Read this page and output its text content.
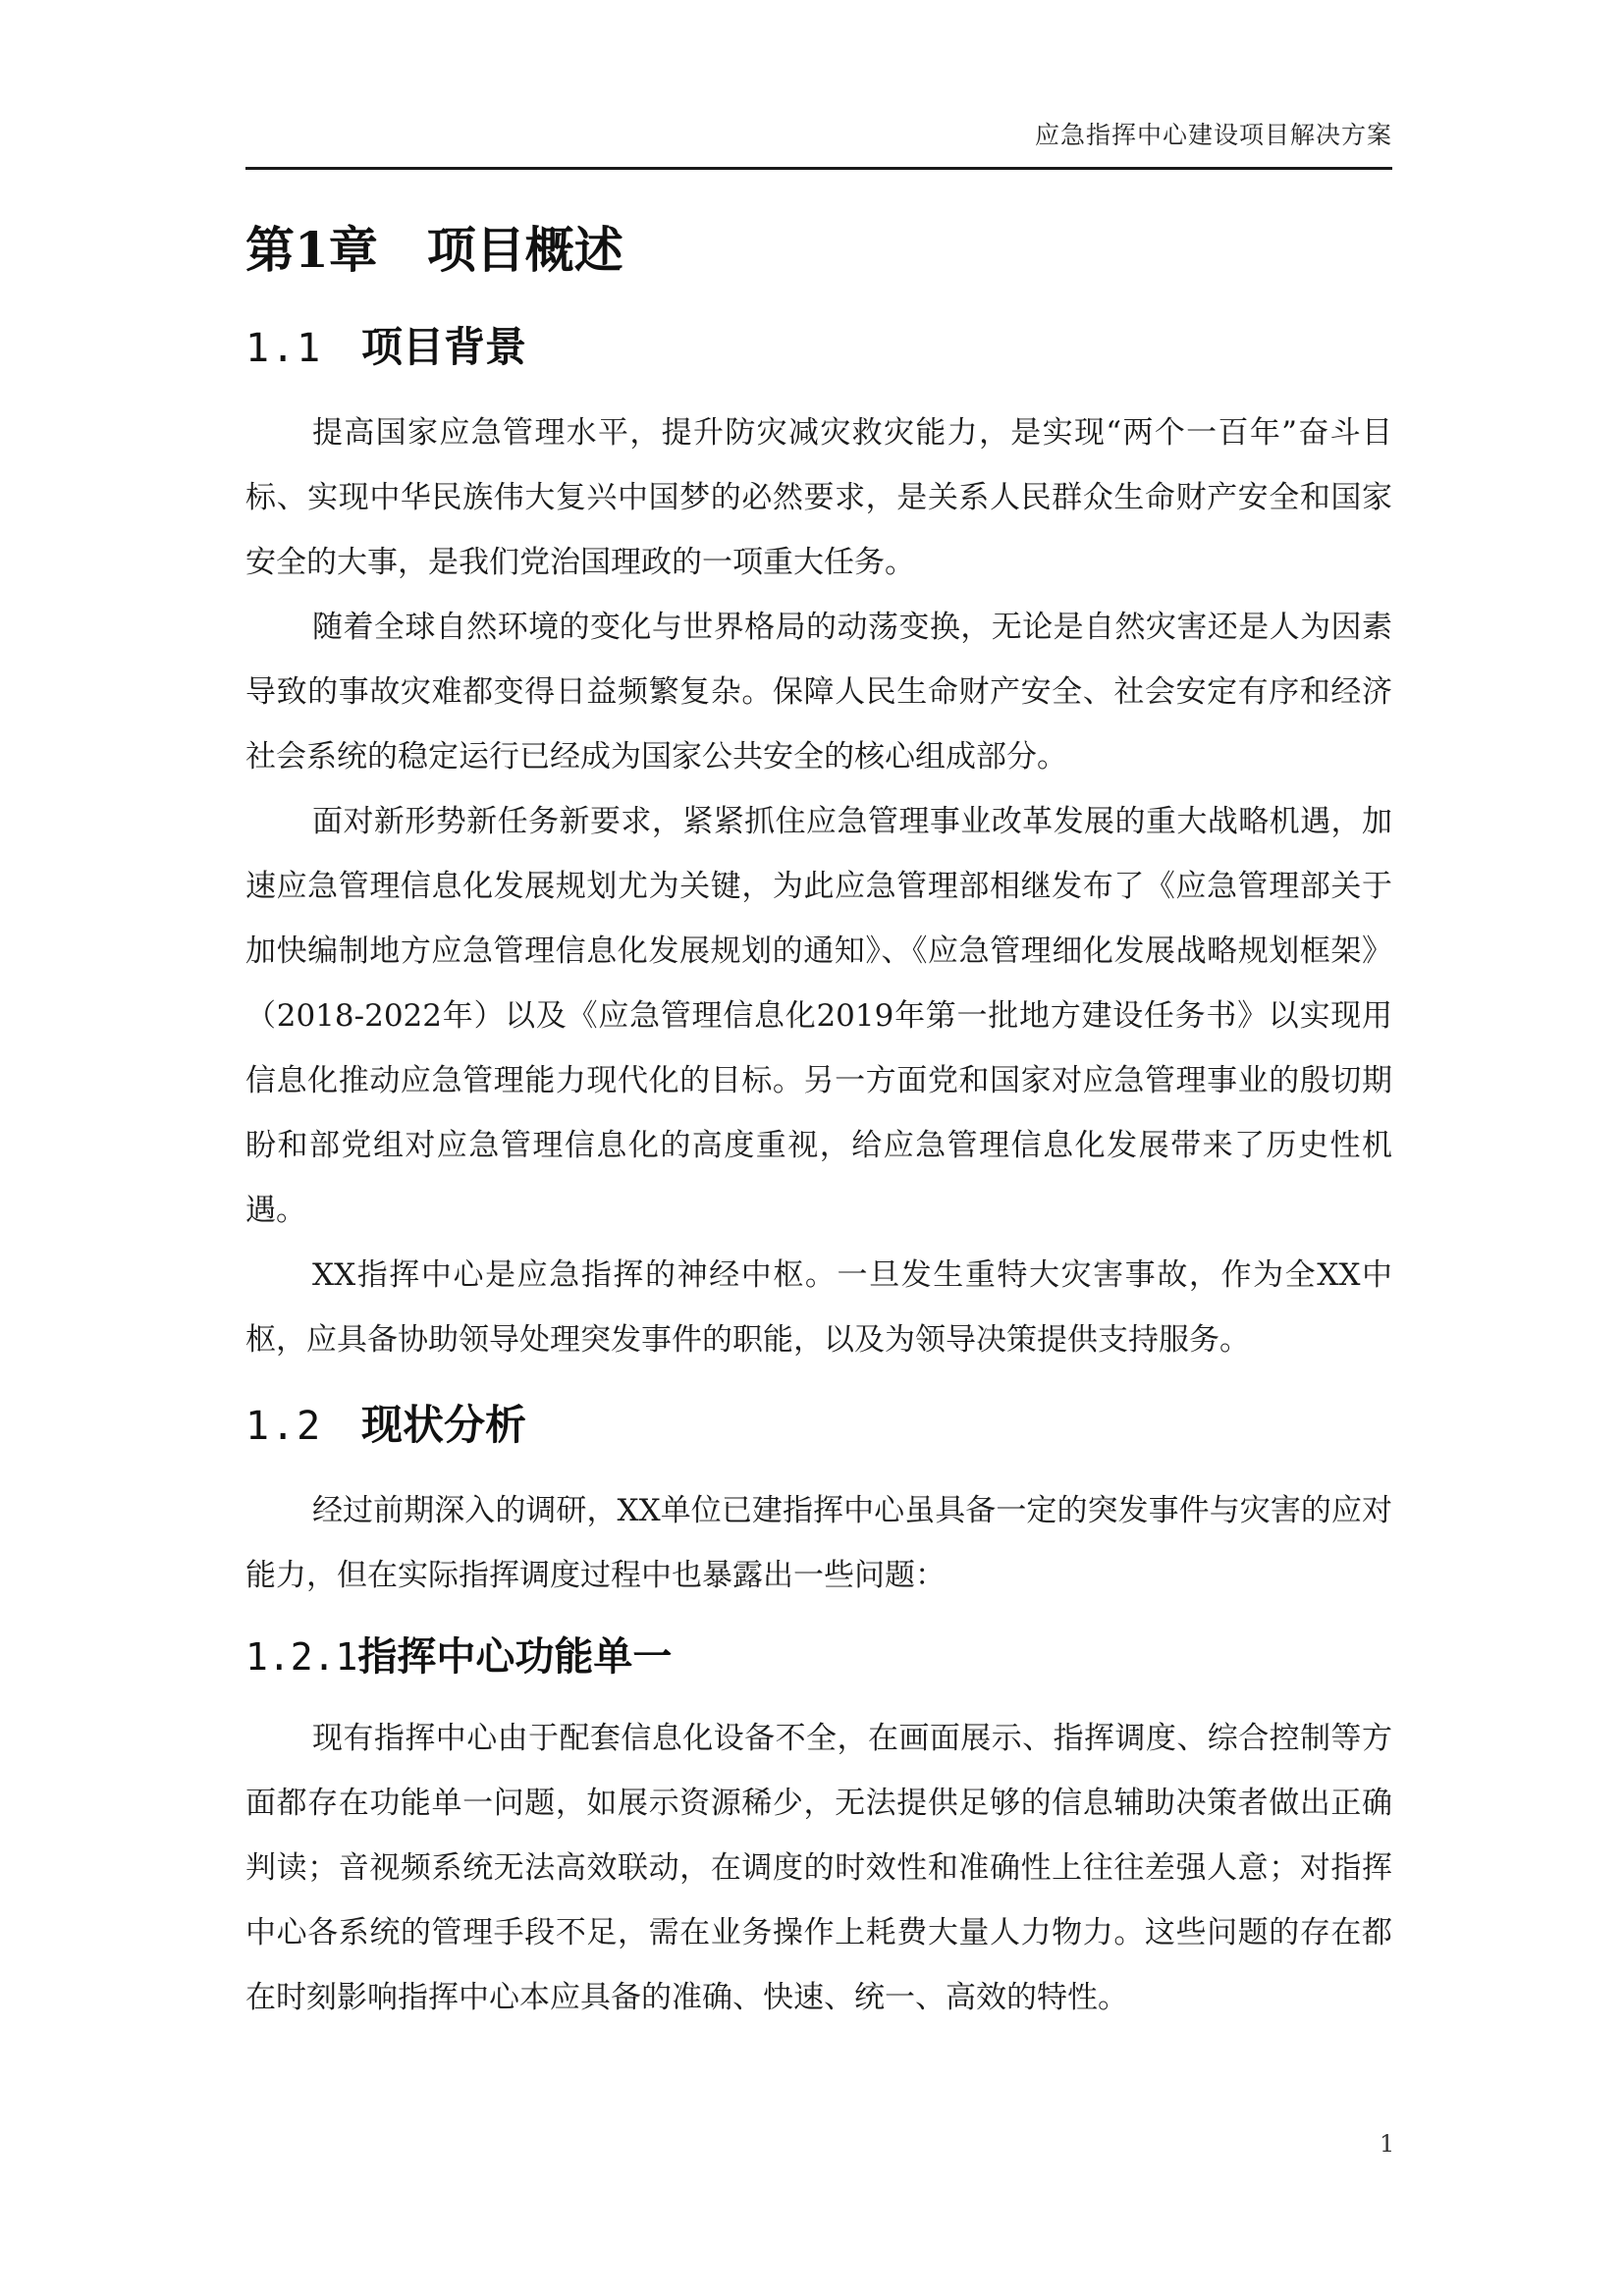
应急指挥中心建设项目解决方案
第1章　项目概述
1.1 项目背景

提高国家应急管理水平，提升防灾减灾救灾能力，是实现“两个一百年”奋斗目标、实现中华民族伟大复兴中国梦的必然要求，是关系人民群众生命财产安全和国家安全的大事，是我们党治国理政的一项重大任务。

随着全球自然环境的变化与世界格局的动荡变换，无论是自然灾害还是人为因素导致的事故灾难都变得日益频繁复杂。保障人民生命财产安全、社会安定有序和经济社会系统的稳定运行已经成为国家公共安全的核心组成部分。

面对新形势新任务新要求，紧紧抓住应急管理事业改革发展的重大战略机遇，加速应急管理信息化发展规划尤为关键，为此应急管理部相继发布了《应急管理部关于加快编制地方应急管理信息化发展规划的通知》、《应急管理细化发展战略规划框架》（2018-2022年）以及《应急管理信息化2019年第一批地方建设任务书》以实现用信息化推动应急管理能力现代化的目标。另一方面党和国家对应急管理事业的殷切期盼和部党组对应急管理信息化的高度重视，给应急管理信息化发展带来了历史性机遇。

XX指挥中心是应急指挥的神经中枢。一旦发生重特大灾害事故，作为全XX中枢，应具备协助领导处理突发事件的职能，以及为领导决策提供支持服务。

1.2 现状分析

经过前期深入的调研，XX单位已建指挥中心虽具备一定的突发事件与灾害的应对能力，但在实际指挥调度过程中也暴露出一些问题：

1.2.1指挥中心功能单一

现有指挥中心由于配套信息化设备不全，在画面展示、指挥调度、综合控制等方面都存在功能单一问题，如展示资源稀少，无法提供足够的信息辅助决策者做出正确判读；音视频系统无法高效联动，在调度的时效性和准确性上往往差强人意；对指挥中心各系统的管理手段不足，需在业务操作上耗费大量人力物力。这些问题的存在都在时刻影响指挥中心本应具备的准确、快速、统一、高效的特性。

1
